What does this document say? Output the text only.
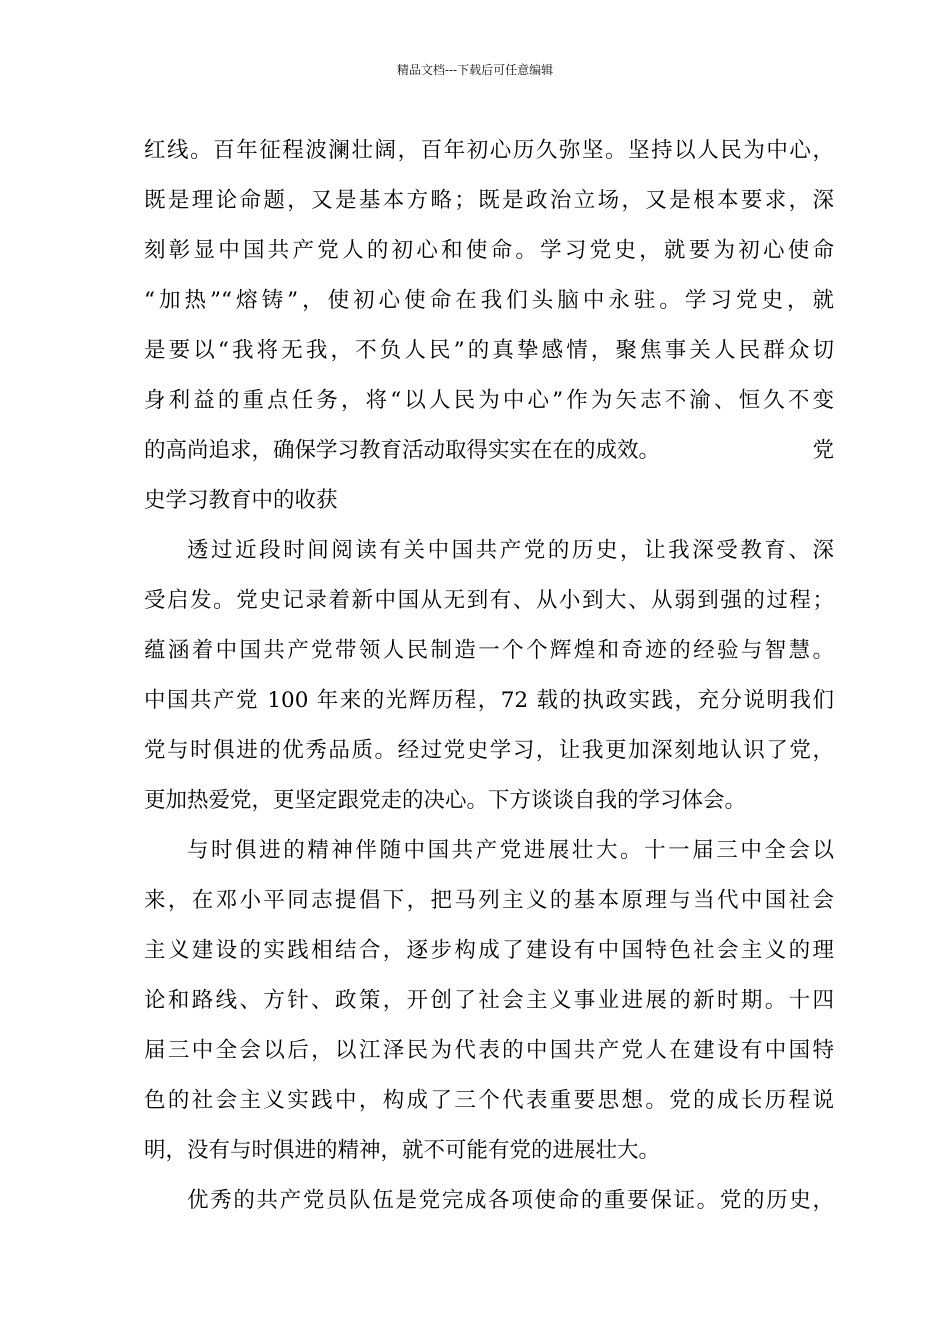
精品文档---下载后可任意编辑
红线。百年征程波澜壮阔，百年初心历久弥坚。坚持以人民为中心，
既是理论命题，又是基本方略；既是政治立场，又是根本要求，深
刻彰显中国共产党人的初心和使命。学习党史，就要为初心使命
“加热”“熔铸”，使初心使命在我们头脑中永驻。学习党史，就
是要以“我将无我，不负人民”的真挚感情，聚焦事关人民群众切
身利益的重点任务，将“以人民为中心”作为矢志不渝、恒久不变
的高尚追求，确保学习教育活动取得实实在在的成效。	党
史学习教育中的收获
透过近段时间阅读有关中国共产党的历史，让我深受教育、深
受启发。党史记录着新中国从无到有、从小到大、从弱到强的过程；
蕴涵着中国共产党带领人民制造一个个辉煌和奇迹的经验与智慧。
中国共产党 100 年来的光辉历程，72 载的执政实践，充分说明我们
党与时俱进的优秀品质。经过党史学习，让我更加深刻地认识了党，
更加热爱党，更坚定跟党走的决心。下方谈谈自我的学习体会。
与时俱进的精神伴随中国共产党进展壮大。十一届三中全会以
来，在邓小平同志提倡下，把马列主义的基本原理与当代中国社会
主义建设的实践相结合，逐步构成了建设有中国特色社会主义的理
论和路线、方针、政策，开创了社会主义事业进展的新时期。十四
届三中全会以后，以江泽民为代表的中国共产党人在建设有中国特
色的社会主义实践中，构成了三个代表重要思想。党的成长历程说
明，没有与时俱进的精神，就不可能有党的进展壮大。
优秀的共产党员队伍是党完成各项使命的重要保证。党的历史，
